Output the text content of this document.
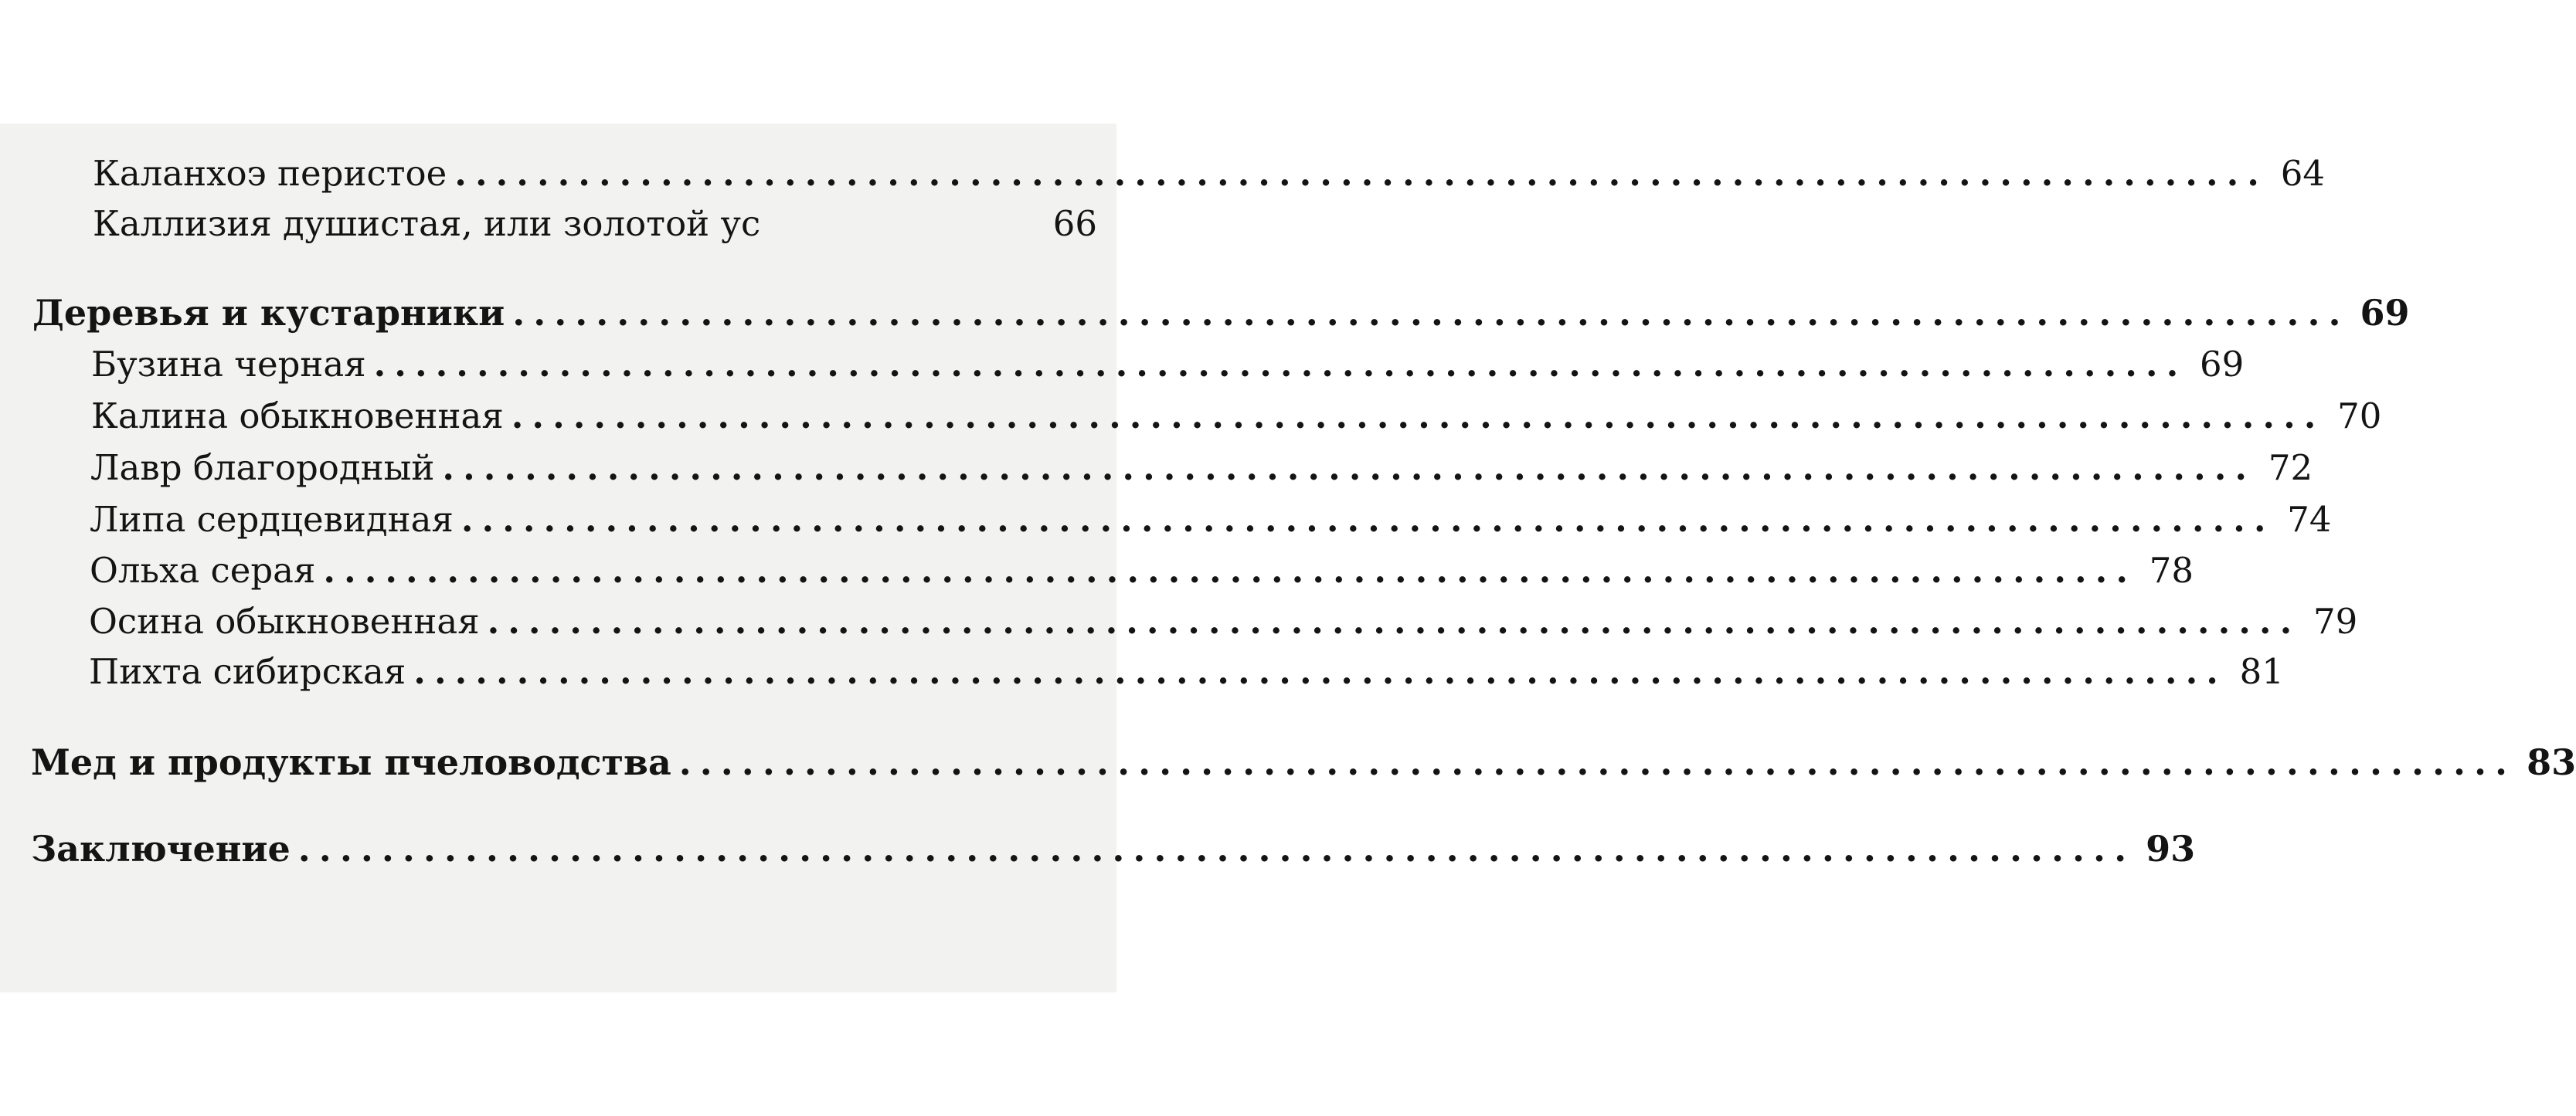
Каланхоэ перистое ........................................................................................ 64
Каллизия душистая, или золотой ус	66
Деревья и кустарники ........................................................................................ 69
Бузина черная ........................................................................................ 69
Калина обыкновенная ........................................................................................ 70
Лавр благородный ........................................................................................ 72
Липа сердцевидная ........................................................................................ 74
Ольха серая ........................................................................................ 78
Осина обыкновенная ........................................................................................ 79
Пихта сибирская ........................................................................................ 81
Мед и продукты пчеловодства ........................................................................................ 83
Заключение ........................................................................................ 93
